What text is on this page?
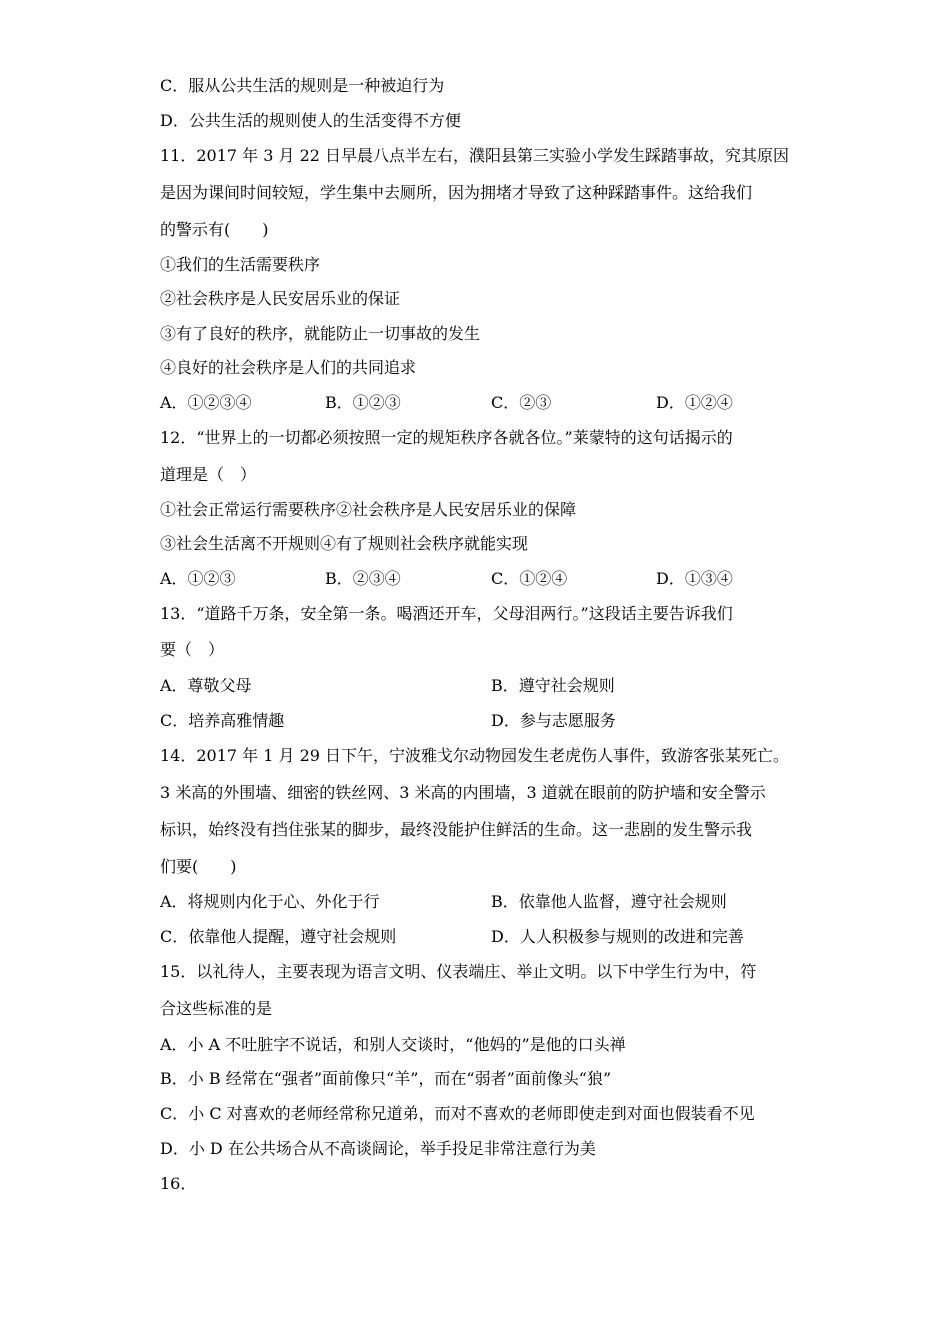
C．服从公共生活的规则是一种被迫行为
D．公共生活的规则使人的生活变得不方便
11．2017 年 3 月 22 日早晨八点半左右，濮阳县第三实验小学发生踩踏事故，究其原因
是因为课间时间较短，学生集中去厕所，因为拥堵才导致了这种踩踏事件。这给我们
的警示有(　　)
①我们的生活需要秩序
②社会秩序是人民安居乐业的保证
③有了良好的秩序，就能防止一切事故的发生
④良好的社会秩序是人们的共同追求
A．①②③④	B．①②③	C．②③	D．①②④
12．“世界上的一切都必须按照一定的规矩秩序各就各位。”莱蒙特的这句话揭示的
道理是（　）
①社会正常运行需要秩序②社会秩序是人民安居乐业的保障
③社会生活离不开规则④有了规则社会秩序就能实现
A．①②③	B．②③④	C．①②④	D．①③④
13．“道路千万条，安全第一条。喝酒还开车，父母泪两行。”这段话主要告诉我们
要（　）
A．尊敬父母	B．遵守社会规则
C．培养高雅情趣	D．参与志愿服务
14．2017 年 1 月 29 日下午，宁波雅戈尔动物园发生老虎伤人事件，致游客张某死亡。
3 米高的外围墙、细密的铁丝网、3 米高的内围墙，3 道就在眼前的防护墙和安全警示
标识，始终没有挡住张某的脚步，最终没能护住鲜活的生命。这一悲剧的发生警示我
们要(　　)
A．将规则内化于心、外化于行	B．依靠他人监督，遵守社会规则
C．依靠他人提醒，遵守社会规则	D．人人积极参与规则的改进和完善
15．以礼待人，主要表现为语言文明、仪表端庄、举止文明。以下中学生行为中，符
合这些标准的是
A．小 A 不吐脏字不说话，和别人交谈时，“他妈的”是他的口头禅
B．小 B 经常在“强者”面前像只“羊”，而在“弱者”面前像头“狼”
C．小 C 对喜欢的老师经常称兄道弟，而对不喜欢的老师即使走到对面也假装看不见
D．小 D 在公共场合从不高谈阔论，举手投足非常注意行为美
16．
